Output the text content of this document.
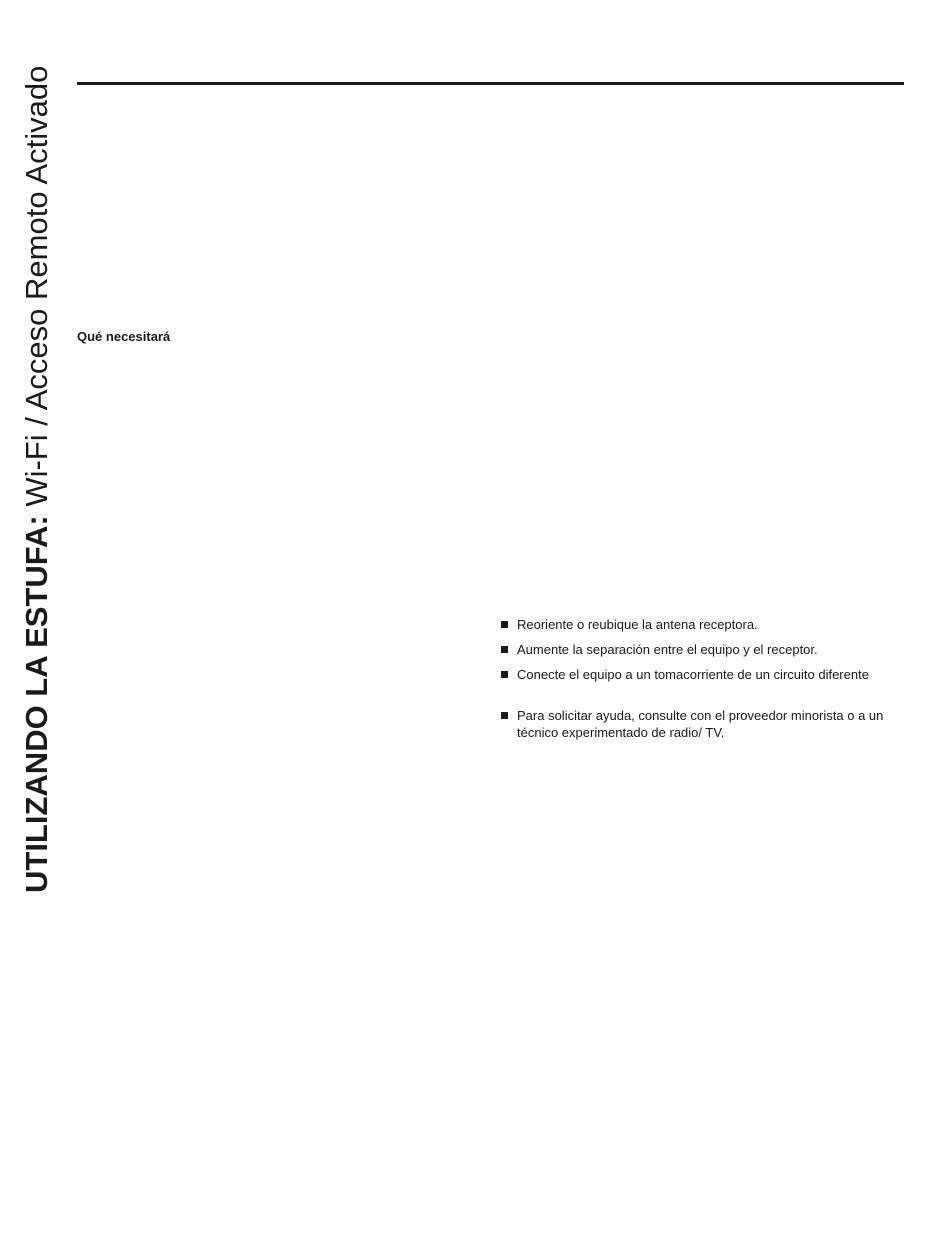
UTILIZANDO LA ESTUFA: Wi-Fi / Acceso Remoto Activado Qué necesitará
Reoriente o reubique la antena receptora.
Aumente la separación entre el equipo y el receptor.
Conecte el equipo a un tomacorriente de un circuito diferente
Para solicitar ayuda, consulte con el proveedor minorista o a un técnico experimentado de radio/ TV.
